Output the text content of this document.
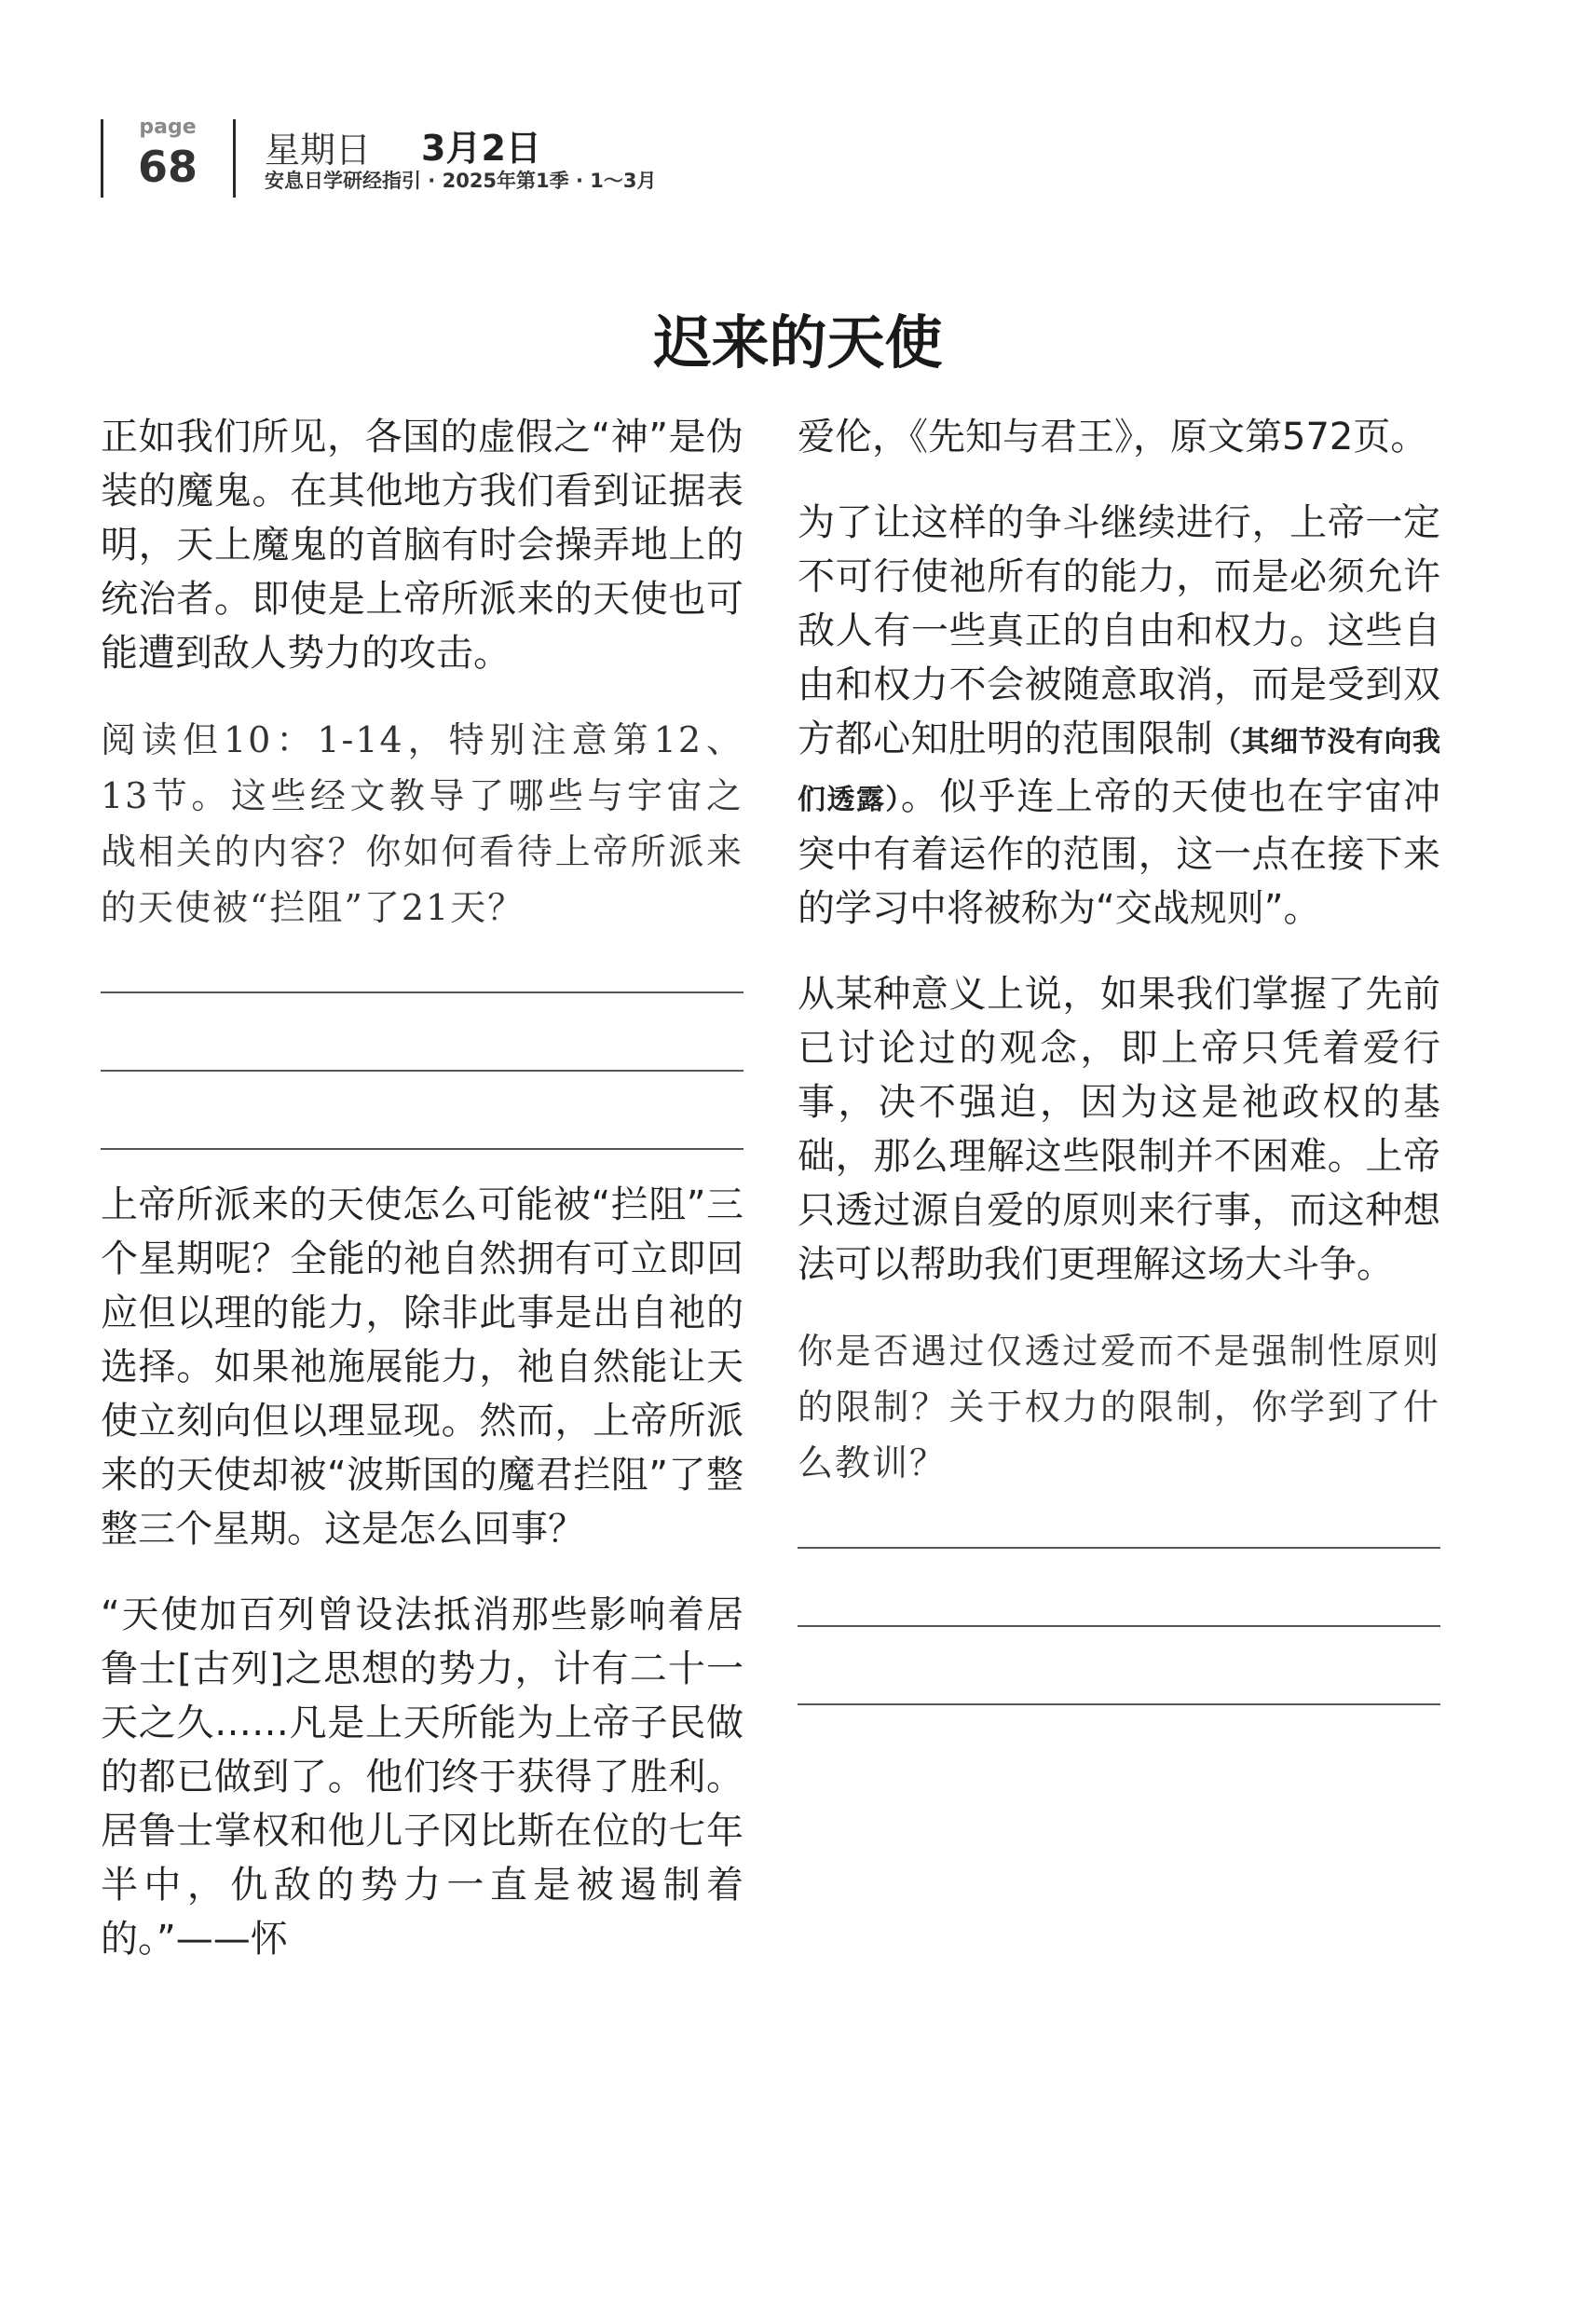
page
68 星期日 3月2日
安息日学研经指引 · 2025年第1季 · 1～3月
迟来的天使

正如我们所见，各国的虚假之“神”是伪装的魔鬼。在其他地方我们看到证据表明，天上魔鬼的首脑有时会操弄地上的统治者。即使是上帝所派来的天使也可能遭到敌人势力的攻击。

阅读但10：1-14，特别注意第12、13节。这些经文教导了哪些与宇宙之战相关的内容？你如何看待上帝所派来的天使被“拦阻”了21天？

上帝所派来的天使怎么可能被“拦阻”三个星期呢？全能的祂自然拥有可立即回应但以理的能力，除非此事是出自祂的选择。如果祂施展能力，祂自然能让天使立刻向但以理显现。然而，上帝所派来的天使却被“波斯国的魔君拦阻”了整整三个星期。这是怎么回事？

“天使加百列曾设法抵消那些影响着居鲁士[古列]之思想的势力，计有二十一天之久……凡是上天所能为上帝子民做的都已做到了。他们终于获得了胜利。居鲁士掌权和他儿子冈比斯在位的七年半中，仇敌的势力一直是被遏制着的。”——怀

爱伦，《先知与君王》，原文第572页。

为了让这样的争斗继续进行，上帝一定不可行使祂所有的能力，而是必须允许敌人有一些真正的自由和权力。这些自由和权力不会被随意取消，而是受到双方都心知肚明的范围限制（其细节没有向我们透露）。似乎连上帝的天使也在宇宙冲突中有着运作的范围，这一点在接下来的学习中将被称为“交战规则”。

从某种意义上说，如果我们掌握了先前已讨论过的观念，即上帝只凭着爱行事，决不强迫，因为这是祂政权的基础，那么理解这些限制并不困难。上帝只透过源自爱的原则来行事，而这种想法可以帮助我们更理解这场大斗争。

你是否遇过仅透过爱而不是强制性原则的限制？关于权力的限制，你学到了什么教训？
